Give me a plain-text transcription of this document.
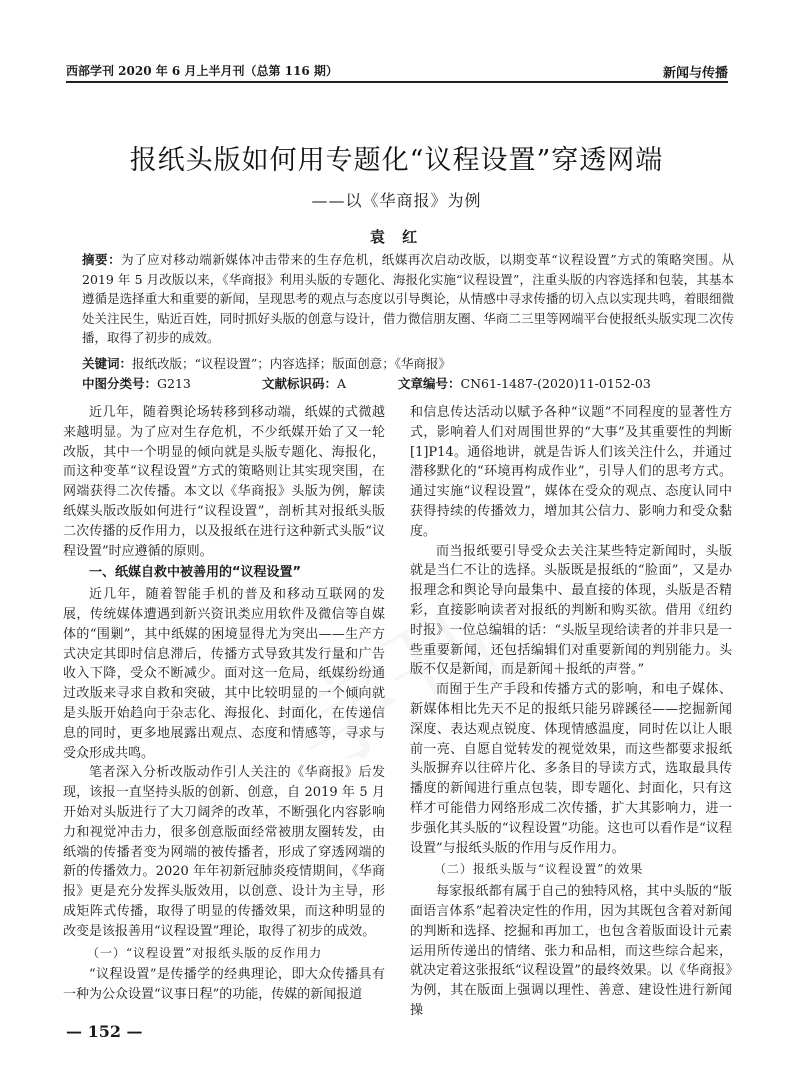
西部学刊 2020 年 6 月上半月刊（总第 116 期）	新闻与传播
报纸头版如何用专题化“议程设置”穿透网端
——以《华商报》为例
袁 红
摘要：为了应对移动端新媒体冲击带来的生存危机，纸媒再次启动改版，以期变革“议程设置”方式的策略突围。从 2019 年 5 月改版以来，《华商报》利用头版的专题化、海报化实施“议程设置”，注重头版的内容选择和包装，其基本遵循是选择重大和重要的新闻，呈现思考的观点与态度以引导舆论，从情感中寻求传播的切入点以实现共鸣，着眼细微处关注民生，贴近百姓，同时抓好头版的创意与设计，借力微信朋友圈、华商二三里等网端平台使报纸头版实现二次传播，取得了初步的成效。
关键词：报纸改版；“议程设置”；内容选择；版面创意；《华商报》
中图分类号：G213	文献标识码：A	文章编号：CN61-1487-(2020)11-0152-03

近几年，随着舆论场转移到移动端，纸媒的式微越来越明显。为了应对生存危机，不少纸媒开始了又一轮改版，其中一个明显的倾向就是头版专题化、海报化，而这种变革“议程设置”方式的策略则让其实现突围，在网端获得二次传播。本文以《华商报》头版为例，解读纸媒头版改版如何进行“议程设置”，剖析其对报纸头版二次传播的反作用力，以及报纸在进行这种新式头版“议程设置”时应遵循的原则。

一、纸媒自救中被善用的“议程设置”

近几年，随着智能手机的普及和移动互联网的发展，传统媒体遭遇到新兴资讯类应用软件及微信等自媒体的“围剿”，其中纸媒的困境显得尤为突出——生产方式决定其即时信息滞后，传播方式导致其发行量和广告收入下降，受众不断减少。面对这一危局，纸媒纷纷通过改版来寻求自救和突破，其中比较明显的一个倾向就是头版开始趋向于杂志化、海报化、封面化，在传递信息的同时，更多地展露出观点、态度和情感等，寻求与受众形成共鸣。

笔者深入分析改版动作引人关注的《华商报》后发现，该报一直坚持头版的创新、创意，自 2019 年 5 月开始对头版进行了大刀阔斧的改革，不断强化内容影响力和视觉冲击力，很多创意版面经常被朋友圈转发，由纸端的传播者变为网端的被传播者，形成了穿透网端的新的传播效力。2020 年年初新冠肺炎疫情期间，《华商报》更是充分发挥头版效用，以创意、设计为主导，形成矩阵式传播，取得了明显的传播效果，而这种明显的改变是该报善用“议程设置”理论，取得了初步的成效。

（一）“议程设置”对报纸头版的反作用力

“议程设置”是传播学的经典理论，即大众传播具有一种为公众设置“议事日程”的功能，传媒的新闻报道

和信息传达活动以赋予各种“议题”不同程度的显著性方式，影响着人们对周围世界的“大事”及其重要性的判断 [1]P14。通俗地讲，就是告诉人们该关注什么，并通过潜移默化的“环境再构成作业”，引导人们的思考方式。通过实施“议程设置”，媒体在受众的观点、态度认同中获得持续的传播效力，增加其公信力、影响力和受众黏度。

而当报纸要引导受众去关注某些特定新闻时，头版就是当仁不让的选择。头版既是报纸的“脸面”，又是办报理念和舆论导向最集中、最直接的体现，头版是否精彩，直接影响读者对报纸的判断和购买欲。借用《纽约时报》一位总编辑的话：“头版呈现给读者的并非只是一些重要新闻，还包括编辑们对重要新闻的判别能力。头版不仅是新闻，而是新闻＋报纸的声誉。”

而囿于生产手段和传播方式的影响，和电子媒体、新媒体相比先天不足的报纸只能另辟蹊径——挖掘新闻深度、表达观点锐度、体现情感温度，同时佐以让人眼前一亮、自愿自觉转发的视觉效果，而这些都要求报纸头版摒弃以往碎片化、多条目的导读方式，选取最具传播度的新闻进行重点包装，即专题化、封面化，只有这样才可能借力网络形成二次传播，扩大其影响力，进一步强化其头版的“议程设置”功能。这也可以看作是“议程设置”与报纸头版的作用与反作用力。

（二）报纸头版与“议程设置”的效果

每家报纸都有属于自己的独特风格，其中头版的“版面语言体系”起着决定性的作用，因为其既包含着对新闻的判断和选择、挖掘和再加工，也包含着版面设计元素运用所传递出的情绪、张力和品相，而这些综合起来，就决定着这张报纸“议程设置”的最终效果。以《华商报》为例，其在版面上强调以理性、善意、建设性进行新闻操

— 152 —
